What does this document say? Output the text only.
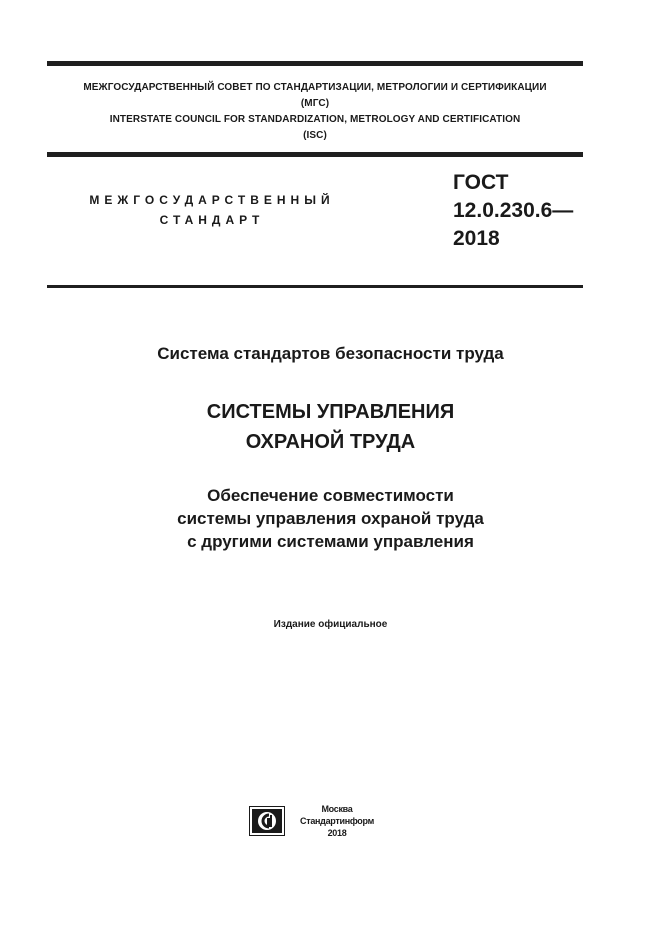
МЕЖГОСУДАРСТВЕННЫЙ СОВЕТ ПО СТАНДАРТИЗАЦИИ, МЕТРОЛОГИИ И СЕРТИФИКАЦИИ
(МГС)
INTERSTATE COUNCIL FOR STANDARDIZATION, METROLOGY AND CERTIFICATION
(ISC)
МЕЖГОСУДАРСТВЕННЫЙ
СТАНДАРТ
ГОСТ
12.0.230.6—
2018
Система стандартов безопасности труда
СИСТЕМЫ УПРАВЛЕНИЯ
ОХРАНОЙ ТРУДА
Обеспечение совместимости
системы управления охраной труда
с другими системами управления
Издание официальное
Москва
Стандартинформ
2018
